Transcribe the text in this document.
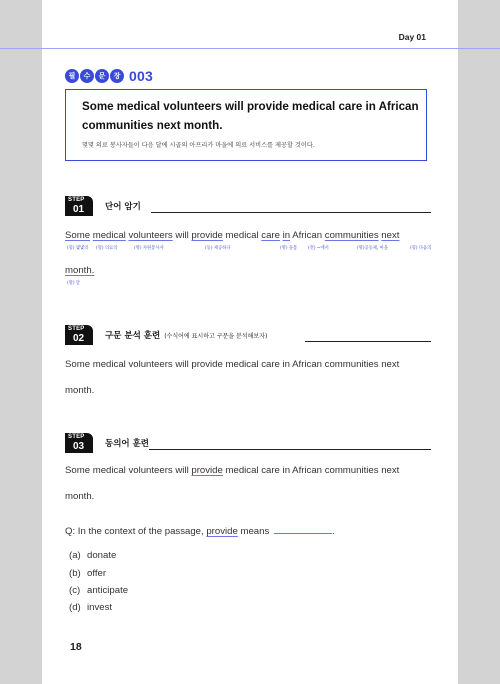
Day 01
필	수	문	장 003
Some medical volunteers will provide medical care in African communities next month.
몇몇 의료 봉사자들이 다음 달에 시골의 아프리카 마을에 의료 서비스를 제공할 것이다.
STEP
01 단어 암기
Some medical volunteers will provide medical care in African communities next
(형) 몇몇의 (형) 의료의	(명) 자원봉사자	(동) 제공하다	(명) 돌봄	(전) ~에서	(명)공동체, 마을	(형) 다음의
month.
(명) 달
STEP
02 구문 분석 훈련 (수식어에 표시하고 구문을 분석해보자)
Some medical volunteers will provide medical care in African communities next
month.
STEP
03 동의어 훈련
Some medical volunteers will provide medical care in African communities next
month.
Q: In the context of the passage, provide means	.
(a) donate
(b) offer
(c) anticipate
(d) invest
18
